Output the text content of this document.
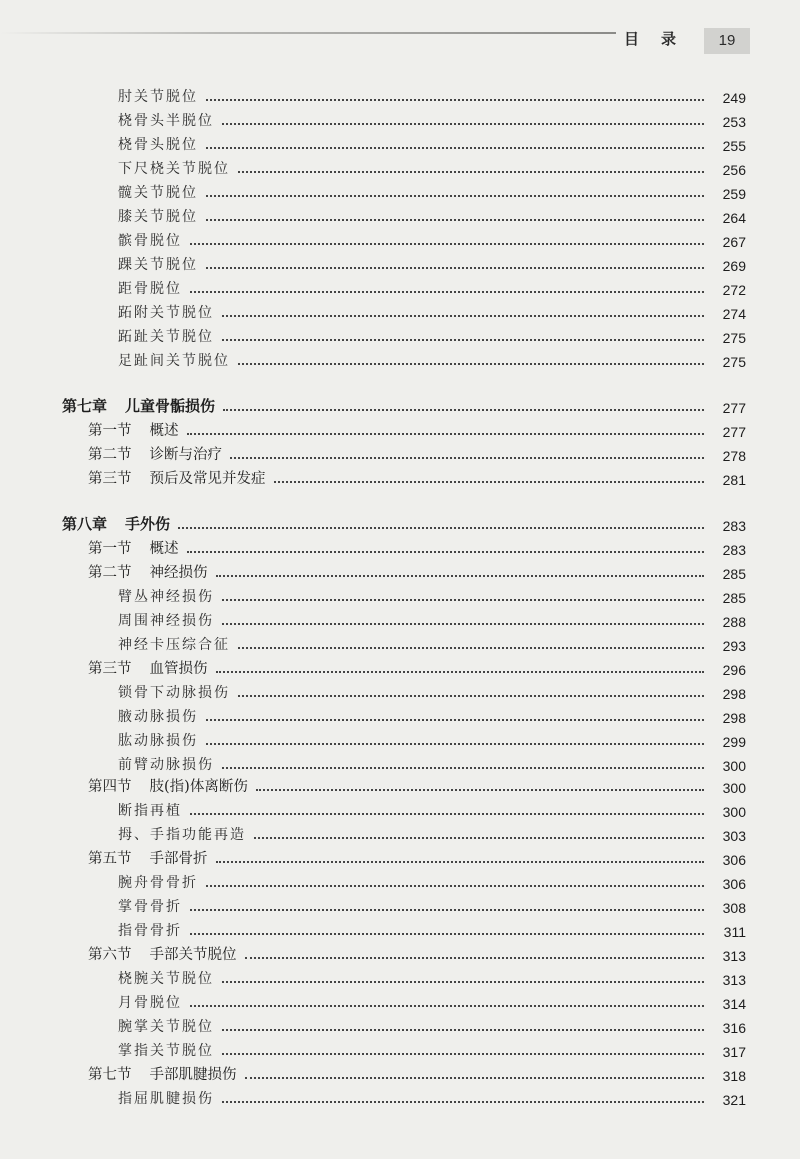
目录	19
肘关节脱位	249
桡骨头半脱位	253
桡骨头脱位	255
下尺桡关节脱位	256
髋关节脱位	259
膝关节脱位	264
髌骨脱位	267
踝关节脱位	269
距骨脱位	272
跖附关节脱位	274
跖趾关节脱位	275
足趾间关节脱位	275
第七章 儿童骨骺损伤	277
第一节 概述	277
第二节 诊断与治疗	278
第三节 预后及常见并发症	281
第八章 手外伤	283
第一节 概述	283
第二节 神经损伤	285
臂丛神经损伤	285
周围神经损伤	288
神经卡压综合征	293
第三节 血管损伤	296
锁骨下动脉损伤	298
腋动脉损伤	298
肱动脉损伤	299
前臂动脉损伤	300
第四节 肢(指)体离断伤	300
断指再植	300
拇、手指功能再造	303
第五节 手部骨折	306
腕舟骨骨折	306
掌骨骨折	308
指骨骨折	311
第六节 手部关节脱位	313
桡腕关节脱位	313
月骨脱位	314
腕掌关节脱位	316
掌指关节脱位	317
第七节 手部肌腱损伤	318
指屈肌腱损伤	321
